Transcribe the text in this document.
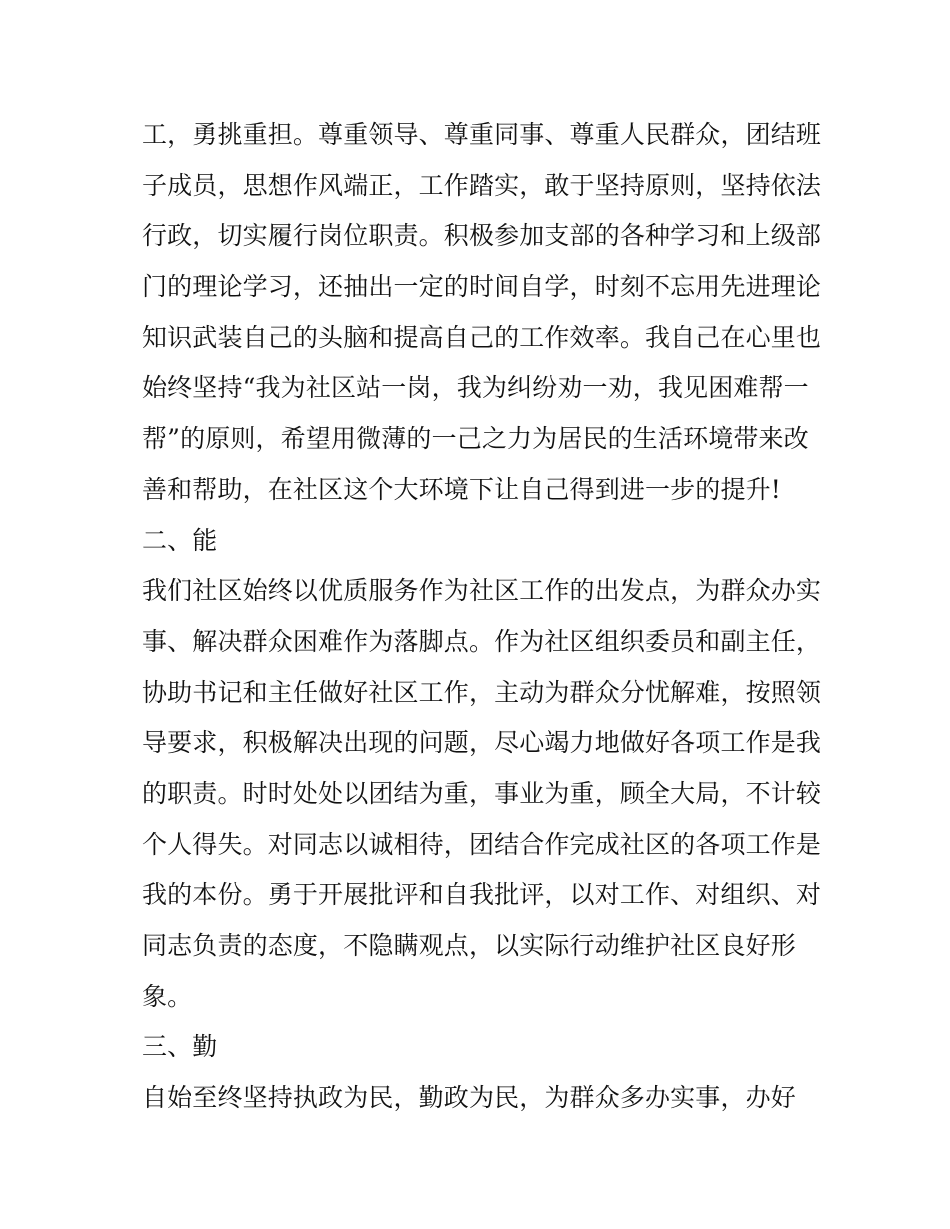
工，勇挑重担。尊重领导、尊重同事、尊重人民群众，团结班
子成员，思想作风端正，工作踏实，敢于坚持原则，坚持依法
行政，切实履行岗位职责。积极参加支部的各种学习和上级部
门的理论学习，还抽出一定的时间自学，时刻不忘用先进理论
知识武装自己的头脑和提高自己的工作效率。我自己在心里也
始终坚持“我为社区站一岗，我为纠纷劝一劝，我见困难帮一
帮”的原则，希望用微薄的一己之力为居民的生活环境带来改
善和帮助，在社区这个大环境下让自己得到进一步的提升!
二、能
我们社区始终以优质服务作为社区工作的出发点，为群众办实
事、解决群众困难作为落脚点。作为社区组织委员和副主任，
协助书记和主任做好社区工作，主动为群众分忧解难，按照领
导要求，积极解决出现的问题，尽心竭力地做好各项工作是我
的职责。时时处处以团结为重，事业为重，顾全大局，不计较
个人得失。对同志以诚相待，团结合作完成社区的各项工作是
我的本份。勇于开展批评和自我批评，以对工作、对组织、对
同志负责的态度，不隐瞒观点，以实际行动维护社区良好形
象。
三、勤
自始至终坚持执政为民，勤政为民，为群众多办实事，办好
